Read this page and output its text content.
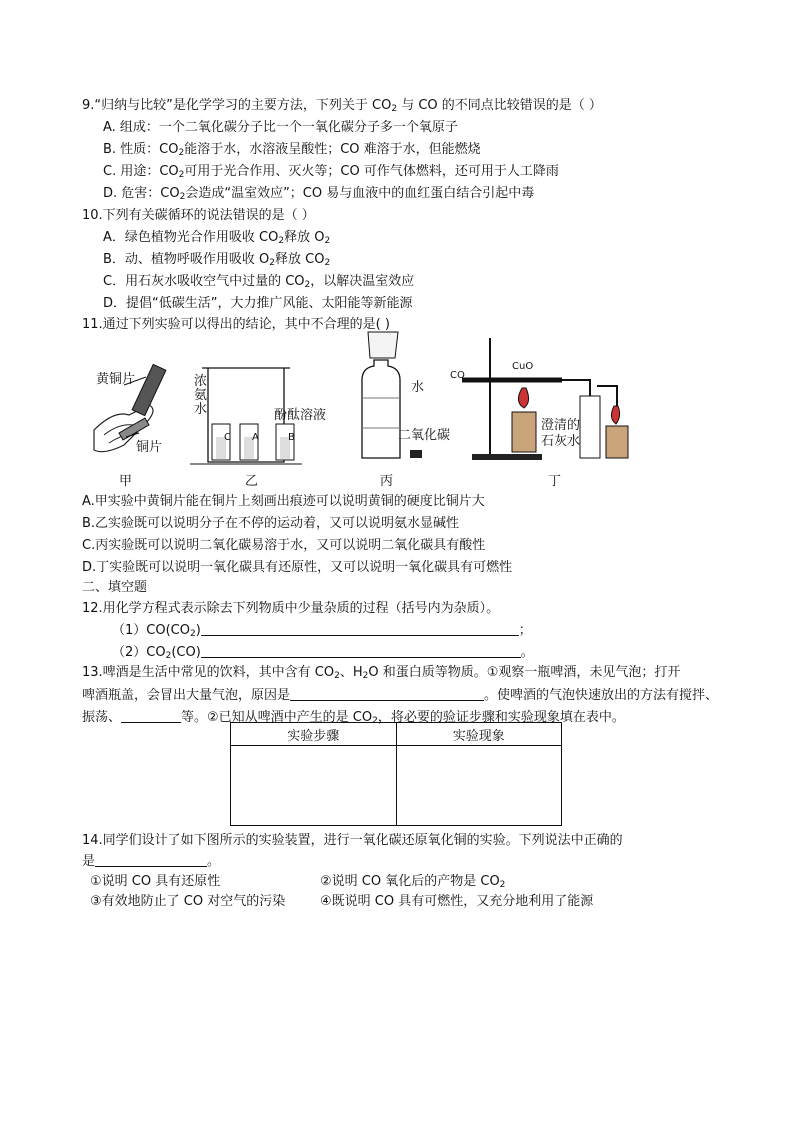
9.“归纳与比较”是化学学习的主要方法，下列关于 $CO_2$ 与 CO 的不同点比较错误的是（ ）
A. 组成：一个二氧化碳分子比一个一氧化碳分子多一个氧原子
B. 性质：$CO_2$能溶于水，水溶液呈酸性；CO 难溶于水，但能燃烧
C. 用途：$CO_2$可用于光合作用、灭火等；CO 可作气体燃料，还可用于人工降雨
D. 危害：$CO_2$会造成“温室效应”；CO 易与血液中的血红蛋白结合引起中毒
10.下列有关碳循环的说法错误的是（ ）
A．绿色植物光合作用吸收 $CO_2$释放 $O_2$
B．动、植物呼吸作用吸收 $O_2$释放 $CO_2$
C．用石灰水吸收空气中过量的 $CO_2$，以解决温室效应
D．提倡“低碳生活”，大力推广风能、太阳能等新能源
11.通过下列实验可以得出的结论，其中不合理的是( )
黄铜片
铜片
甲
浓
氨
水	酚酞溶液
C A	B
乙
水
二氧化碳
丙
CO
CuO
澄清的
石灰水
丁
A.甲实验中黄铜片能在铜片上刻画出痕迹可以说明黄铜的硬度比铜片大
B.乙实验既可以说明分子在不停的运动着，又可以说明氨水显碱性
C.丙实验既可以说明二氧化碳易溶于水，又可以说明二氧化碳具有酸性
D.丁实验既可以说明一氧化碳具有还原性，又可以说明一氧化碳具有可燃性
二、填空题
12.用化学方程式表示除去下列物质中少量杂质的过程（括号内为杂质）。
$(1)CO(CO_2)$	；
$(2)CO_2(CO)$	。
13.啤酒是生活中常见的饮料，其中含有 $CO_2$、$H_2O$ 和蛋白质等物质。①观察一瓶啤酒，未见气泡；打开
啤酒瓶盖，会冒出大量气泡，原因是	。使啤酒的气泡快速放出的方法有搅拌、
振荡、	等。②已知从啤酒中产生的是 $CO_2$，将必要的验证步骤和实验现象填在表中。
实验步骤	实验现象

14.同学们设计了如下图所示的实验装置，进行一氧化碳还原氧化铜的实验。下列说法中正确的
是	。
①说明 CO 具有还原性	②说明 CO 氧化后的产物是 $CO_2$
③有效地防止了 CO 对空气的污染	④既说明 CO 具有可燃性，又充分地利用了能源
